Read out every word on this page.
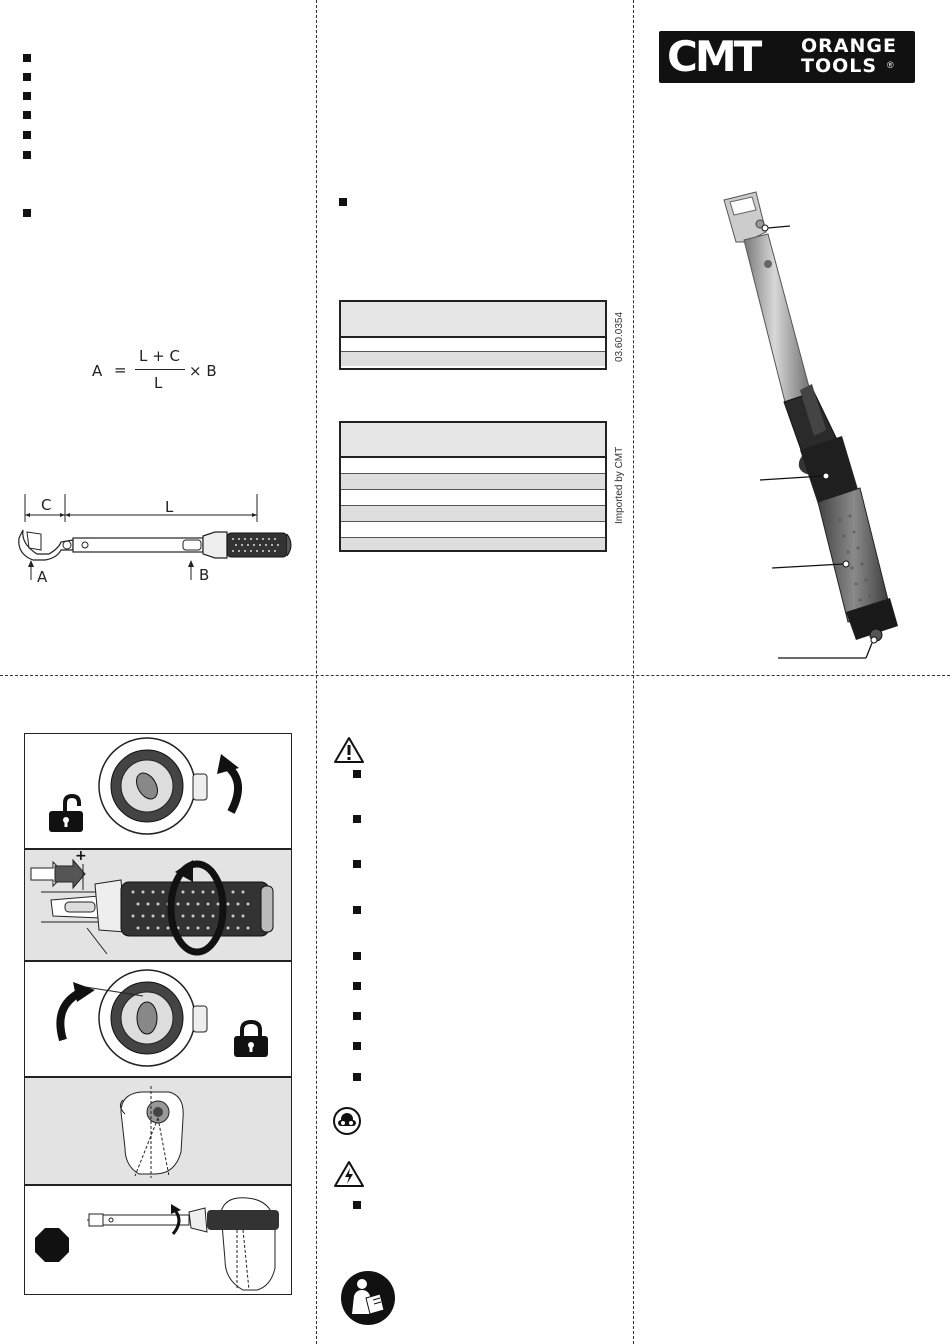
A =
L + C
L
× B
C	L
A	B
03.60.0354
Imported by CMT
CMT ORANGE
TOOLS ®
+
